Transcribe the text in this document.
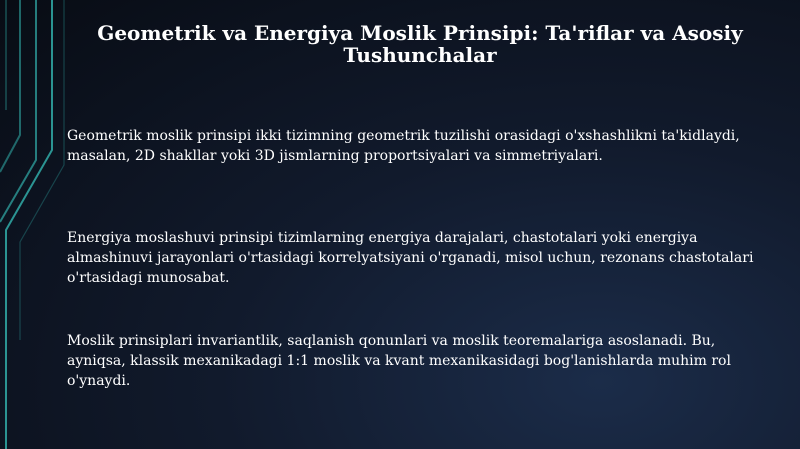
Geometrik va Energiya Moslik Prinsipi: Ta'riflar va Asosiy Tushunchalar

Geometrik moslik prinsipi ikki tizimning geometrik tuzilishi orasidagi o'xshashlikni ta'kidlaydi, masalan, 2D shakllar yoki 3D jismlarning proportsiyalari va simmetriyalari.

Energiya moslashuvi prinsipi tizimlarning energiya darajalari, chastotalari yoki energiya almashinuvi jarayonlari o'rtasidagi korrelyatsiyani o'rganadi, misol uchun, rezonans chastotalari o'rtasidagi munosabat.

Moslik prinsiplari invariantlik, saqlanish qonunlari va moslik teoremalariga asoslanadi. Bu, ayniqsa, klassik mexanikadagi 1:1 moslik va kvant mexanikasidagi bog'lanishlarda muhim rol o'ynaydi.
